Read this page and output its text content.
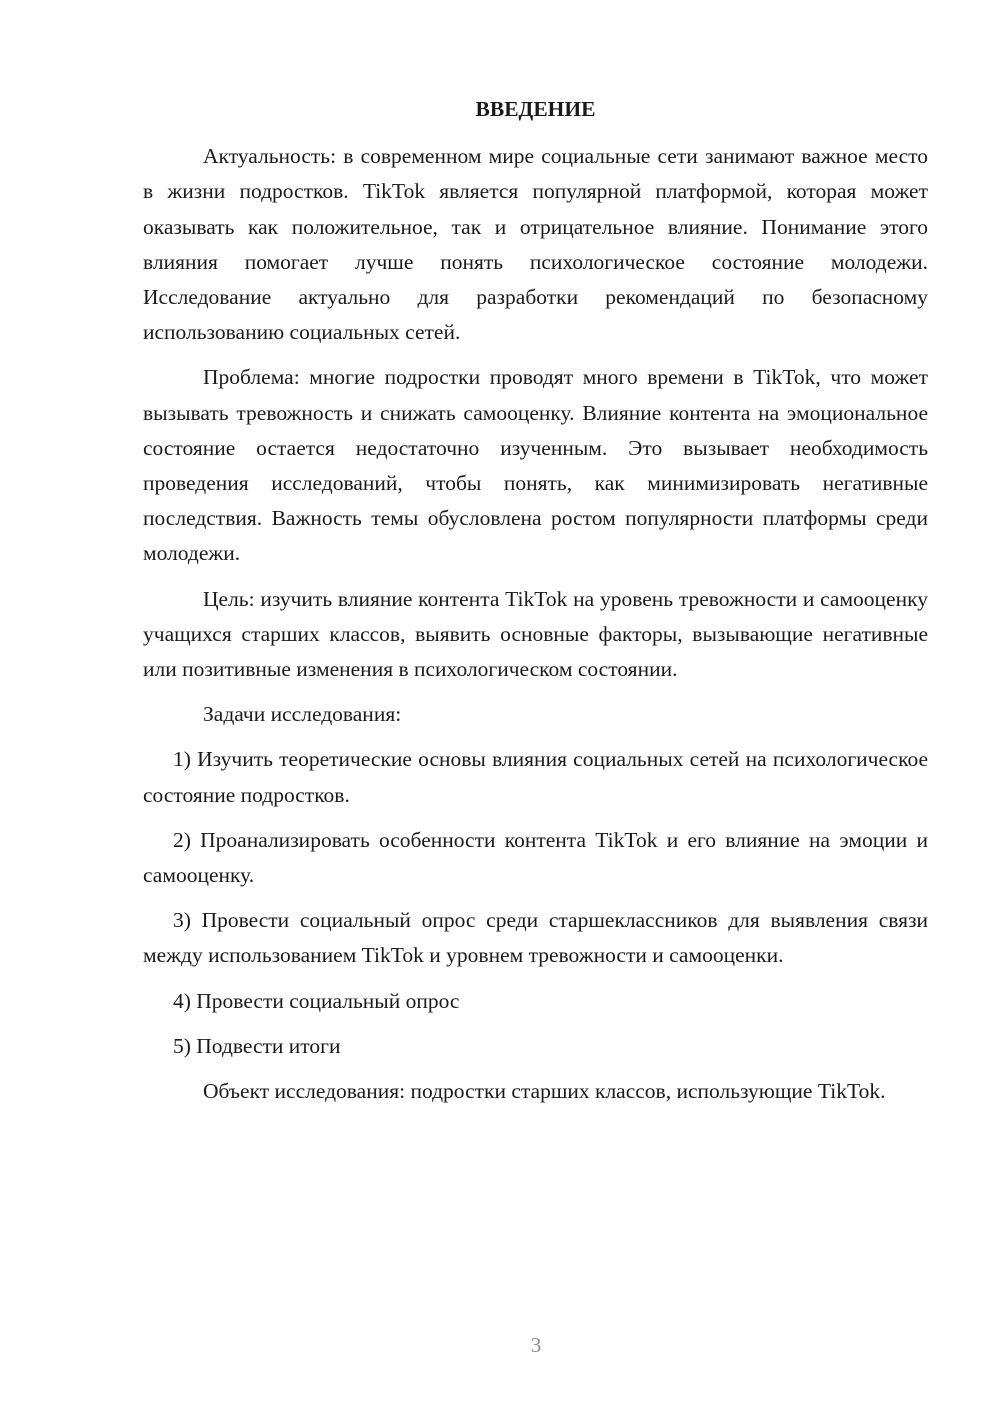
ВВЕДЕНИЕ

Актуальность: в современном мире социальные сети занимают важное место в жизни подростков. TikTok является популярной платформой, которая может оказывать как положительное, так и отрицательное влияние. Понимание этого влияния помогает лучше понять психологическое состояние молодежи. Исследование актуально для разработки рекомендаций по безопасному использованию социальных сетей.

Проблема: многие подростки проводят много времени в TikTok, что может вызывать тревожность и снижать самооценку. Влияние контента на эмоциональное состояние остается недостаточно изученным. Это вызывает необходимость проведения исследований, чтобы понять, как минимизировать негативные последствия. Важность темы обусловлена ростом популярности платформы среди молодежи.

Цель: изучить влияние контента TikTok на уровень тревожности и самооценку учащихся старших классов, выявить основные факторы, вызывающие негативные или позитивные изменения в психологическом состоянии.

Задачи исследования:

1) Изучить теоретические основы влияния социальных сетей на психологическое состояние подростков.

2) Проанализировать особенности контента TikTok и его влияние на эмоции и самооценку.

3) Провести социальный опрос среди старшеклассников для выявления связи между использованием TikTok и уровнем тревожности и самооценки.

4) Провести социальный опрос

5) Подвести итоги

Объект исследования: подростки старших классов, использующие TikTok.

3
